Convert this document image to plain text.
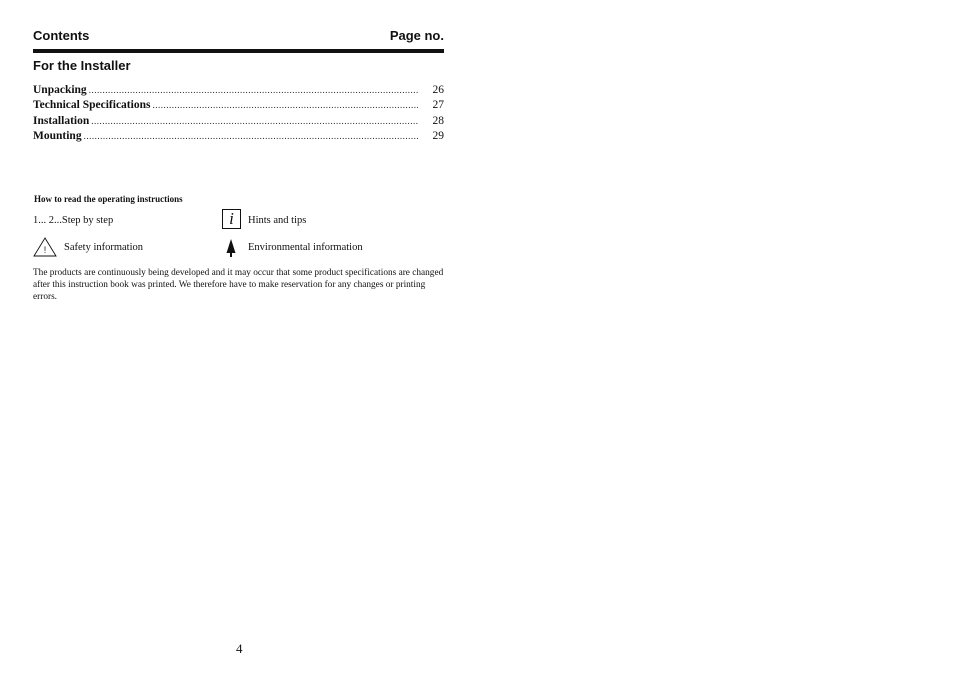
Contents	Page no.
For the Installer
Unpacking .....	26
Technical Specifications .....	27
Installation .....	28
Mounting .....	29
How to read the operating instructions
1... 2...Step by step	i	Hints and tips
! Safety information	Environmental information
The products are continuously being developed and it may occur that some product specifications are changed after this instruction book was printed. We therefore have to make reservation for any changes or printing errors.
4
